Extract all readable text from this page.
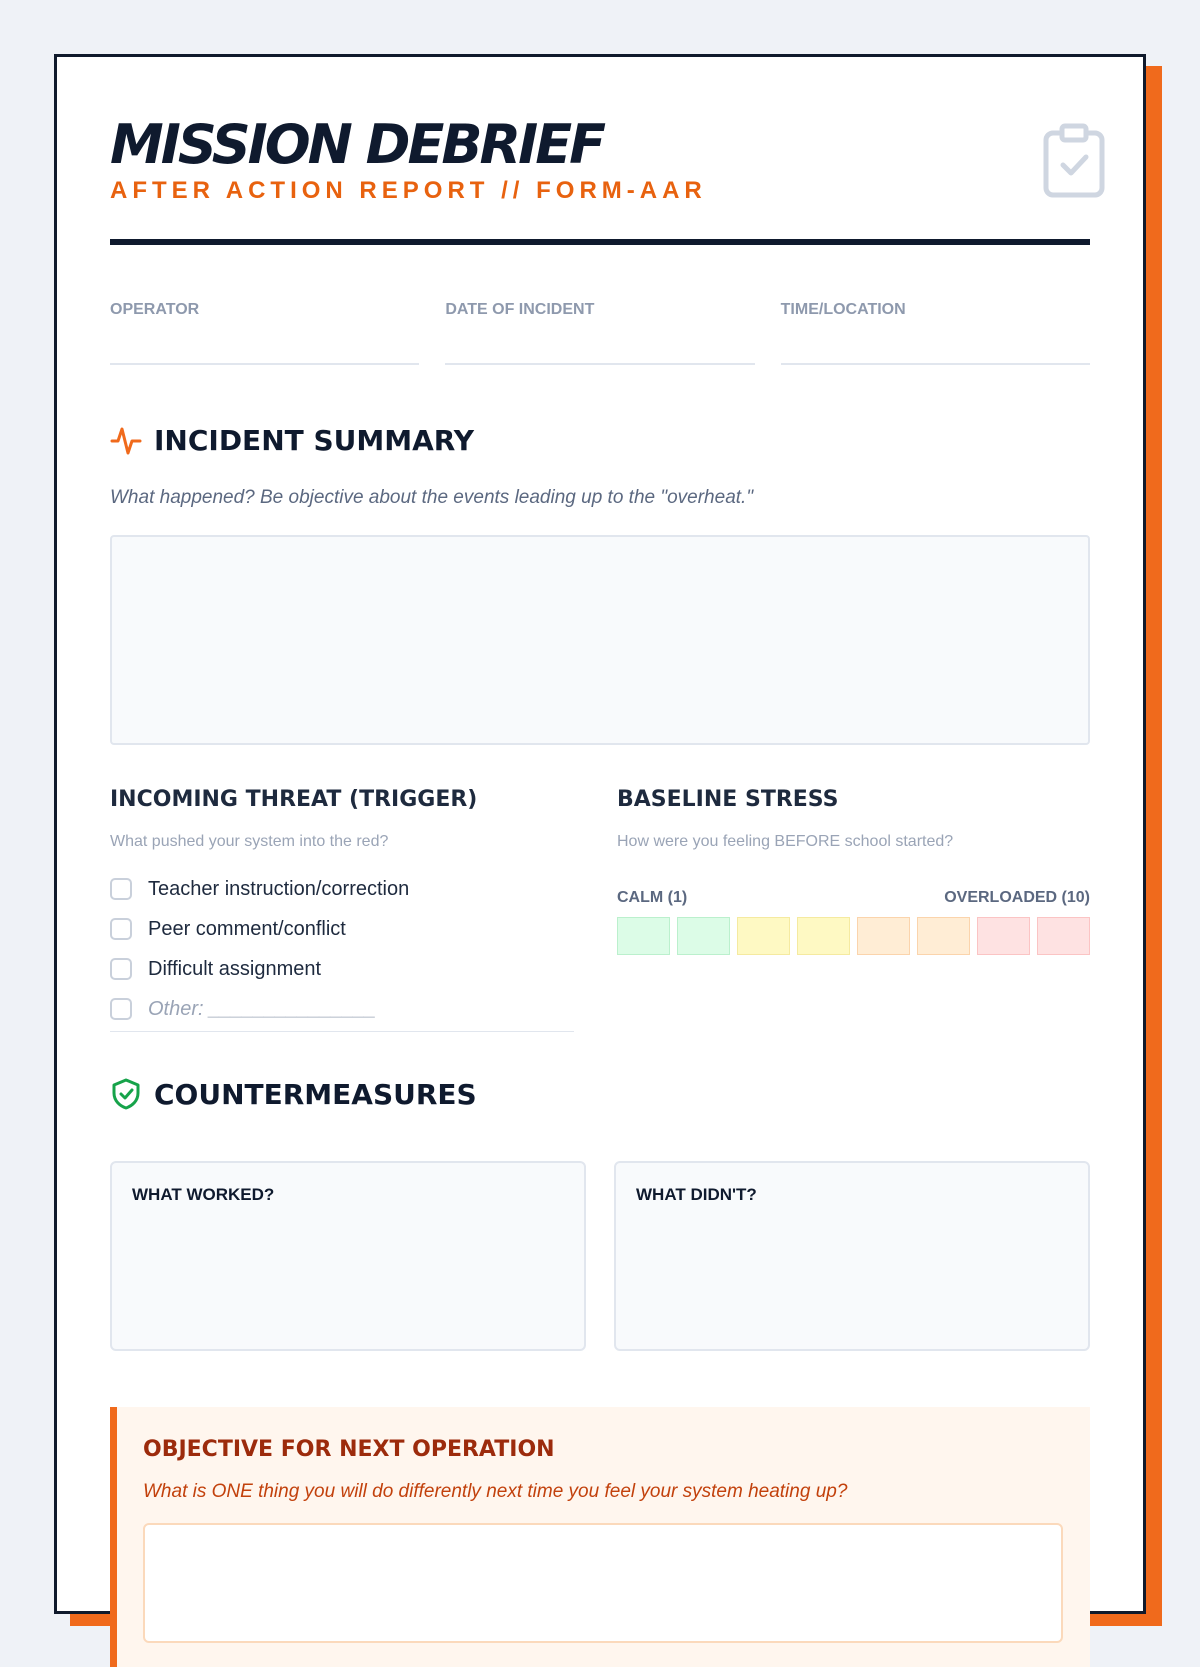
MISSION DEBRIEF
AFTER ACTION REPORT // FORM-AAR
OPERATOR	DATE OF INCIDENT	TIME/LOCATION
INCIDENT SUMMARY
What happened? Be objective about the events leading up to the "overheat."
INCOMING THREAT (TRIGGER)
What pushed your system into the red?
Teacher instruction/correction
Peer comment/conflict
Difficult assignment
Other: _______________
BASELINE STRESS
How were you feeling BEFORE school started?
CALM (1)	OVERLOADED (10)
COUNTERMEASURES
WHAT WORKED?	WHAT DIDN'T?
OBJECTIVE FOR NEXT OPERATION
What is ONE thing you will do differently next time you feel your system heating up?
